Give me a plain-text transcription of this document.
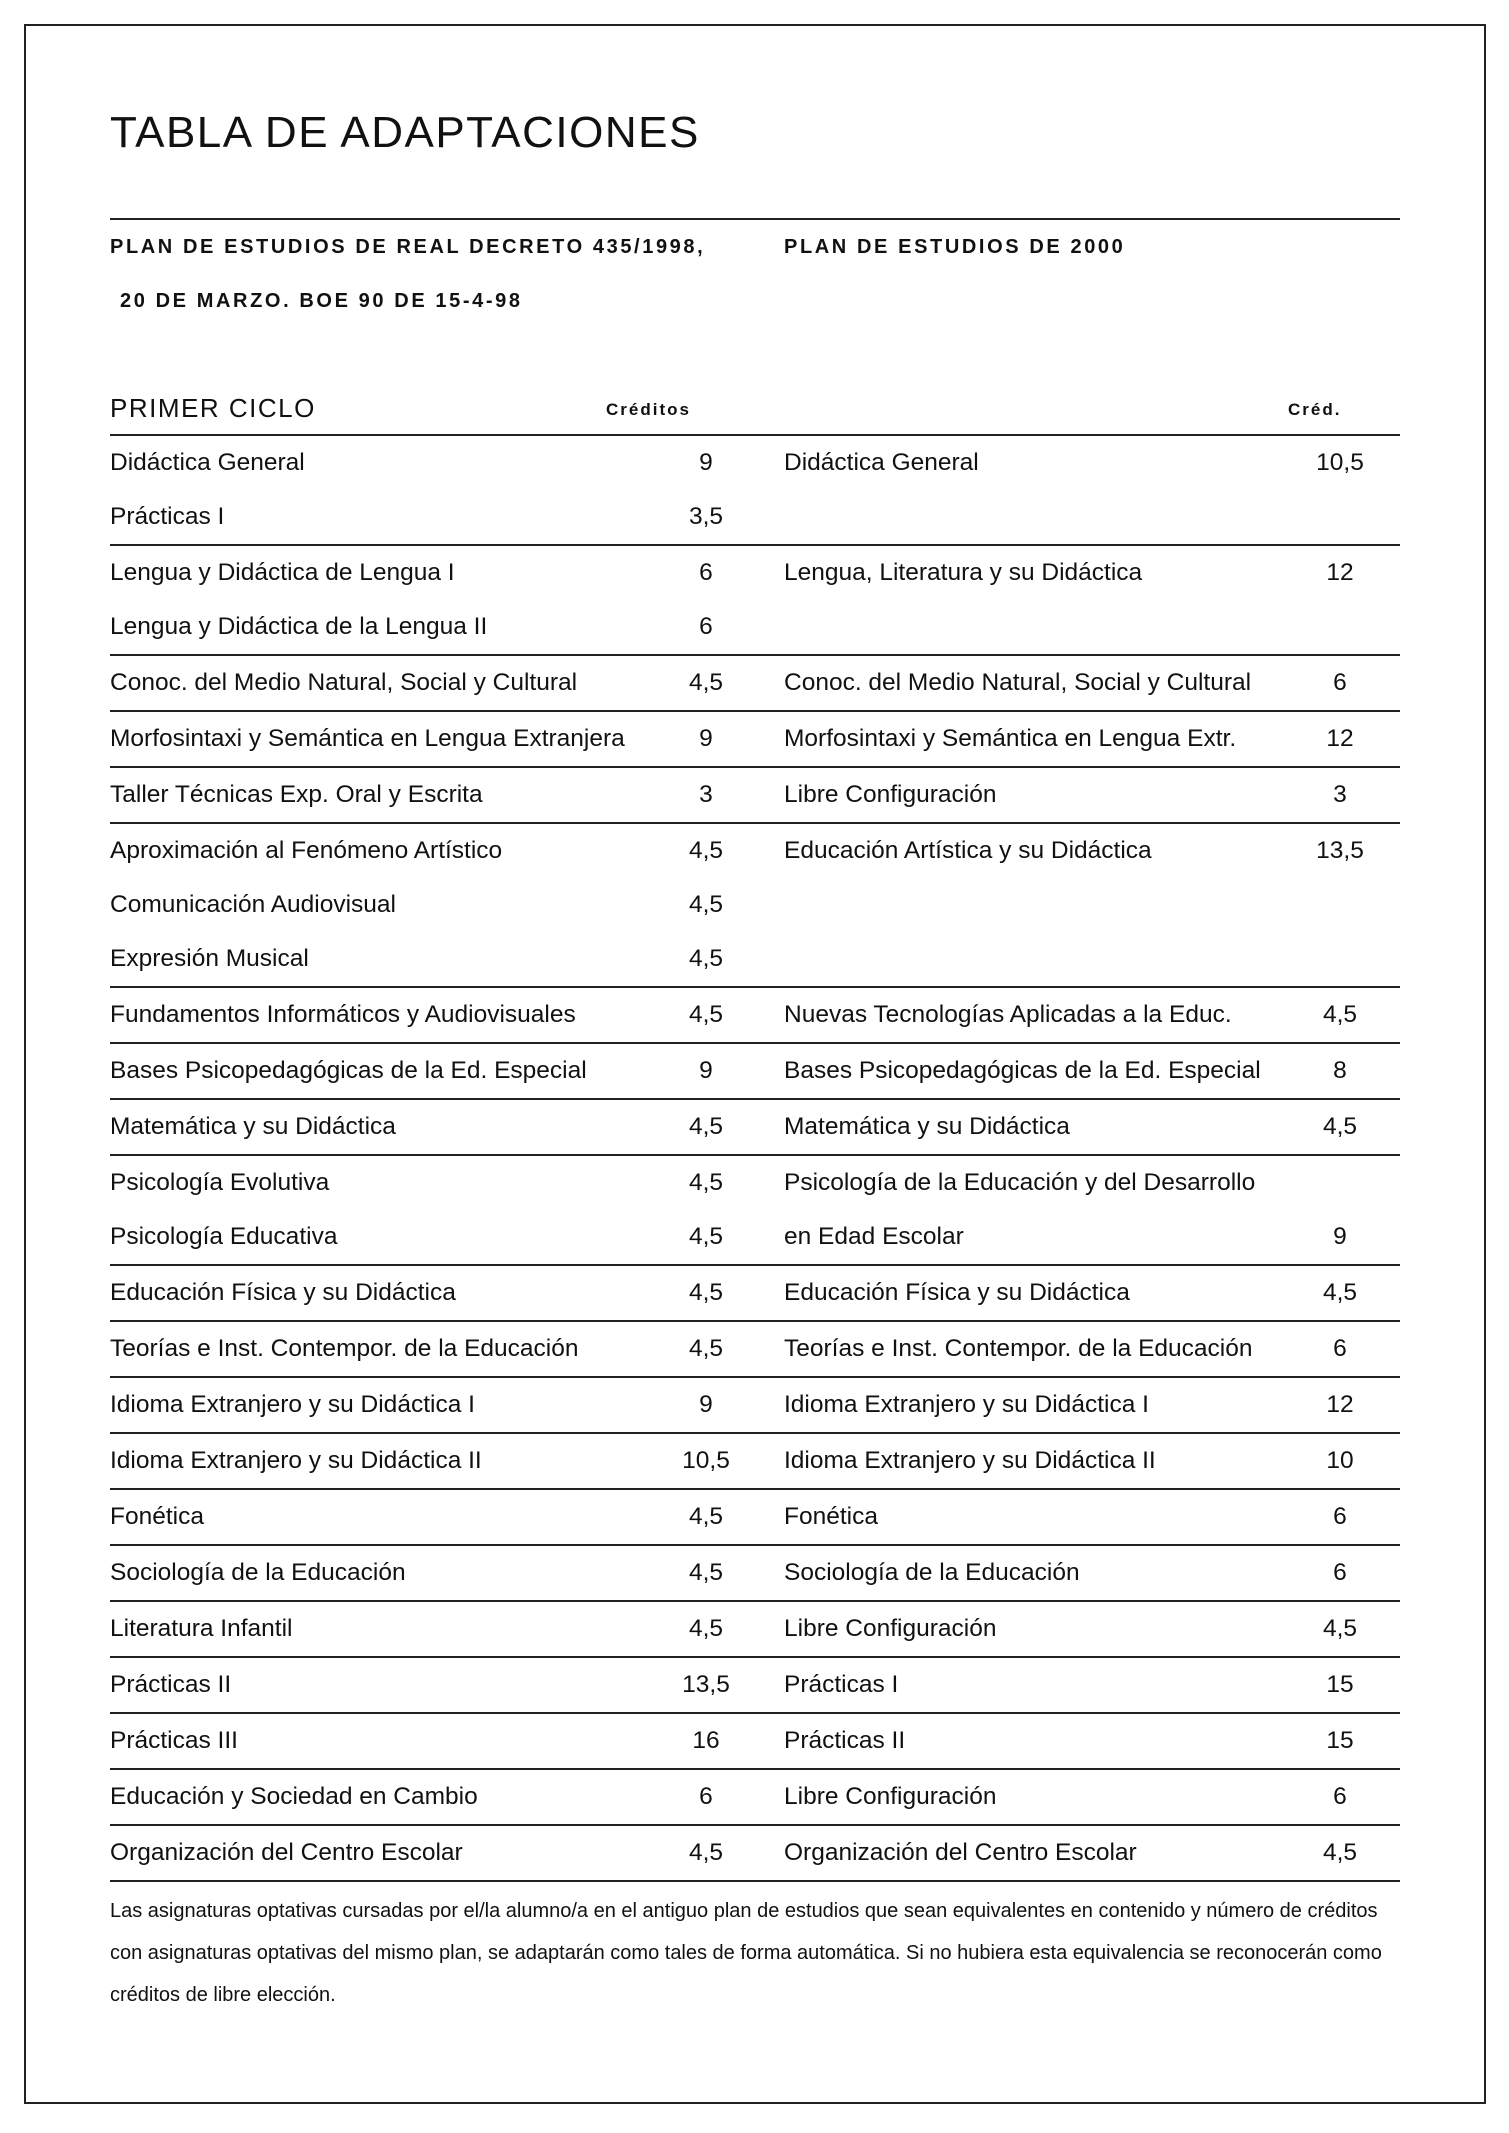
TABLA DE ADAPTACIONES
PLAN DE ESTUDIOS DE REAL DECRETO 435/1998,
20 DE MARZO. BOE 90 DE 15-4-98
PLAN DE ESTUDIOS DE 2000
PRIMER CICLO	Créditos	Créd.
Didáctica General	9	Didáctica General	10,5
Prácticas I	3,5
Lengua y Didáctica de Lengua I	6	Lengua, Literatura y su Didáctica	12
Lengua y Didáctica de la Lengua II	6
Conoc. del Medio Natural, Social y Cultural	4,5	Conoc. del Medio Natural, Social y Cultural	6
Morfosintaxi y Semántica en Lengua Extranjera	9	Morfosintaxi y Semántica en Lengua Extr.	12
Taller Técnicas Exp. Oral y Escrita	3	Libre Configuración	3
Aproximación al Fenómeno Artístico	4,5	Educación Artística y su Didáctica	13,5
Comunicación Audiovisual	4,5
Expresión Musical	4,5
Fundamentos Informáticos y Audiovisuales	4,5	Nuevas Tecnologías Aplicadas a la Educ.	4,5
Bases Psicopedagógicas de la Ed. Especial	9	Bases Psicopedagógicas de la Ed. Especial	8
Matemática y su Didáctica	4,5	Matemática y su Didáctica	4,5
Psicología Evolutiva	4,5	Psicología de la Educación y del Desarrollo
Psicología Educativa	4,5	en Edad Escolar	9
Educación Física y su Didáctica	4,5	Educación Física y su Didáctica	4,5
Teorías e Inst. Contempor. de la Educación	4,5	Teorías e Inst. Contempor. de la Educación	6
Idioma Extranjero y su Didáctica I	9	Idioma Extranjero y su Didáctica I	12
Idioma Extranjero y su Didáctica II	10,5	Idioma Extranjero y su Didáctica II	10
Fonética	4,5	Fonética	6
Sociología de la Educación	4,5	Sociología de la Educación	6
Literatura Infantil	4,5	Libre Configuración	4,5
Prácticas II	13,5	Prácticas I	15
Prácticas III	16	Prácticas II	15
Educación y Sociedad en Cambio	6	Libre Configuración	6
Organización del Centro Escolar	4,5	Organización del Centro Escolar	4,5

Las asignaturas optativas cursadas por el/la alumno/a en el antiguo plan de estudios que sean equivalentes en contenido y número de créditos con asignaturas optativas del mismo plan, se adaptarán como tales de forma automática. Si no hubiera esta equivalencia se reconocerán como créditos de libre elección.
